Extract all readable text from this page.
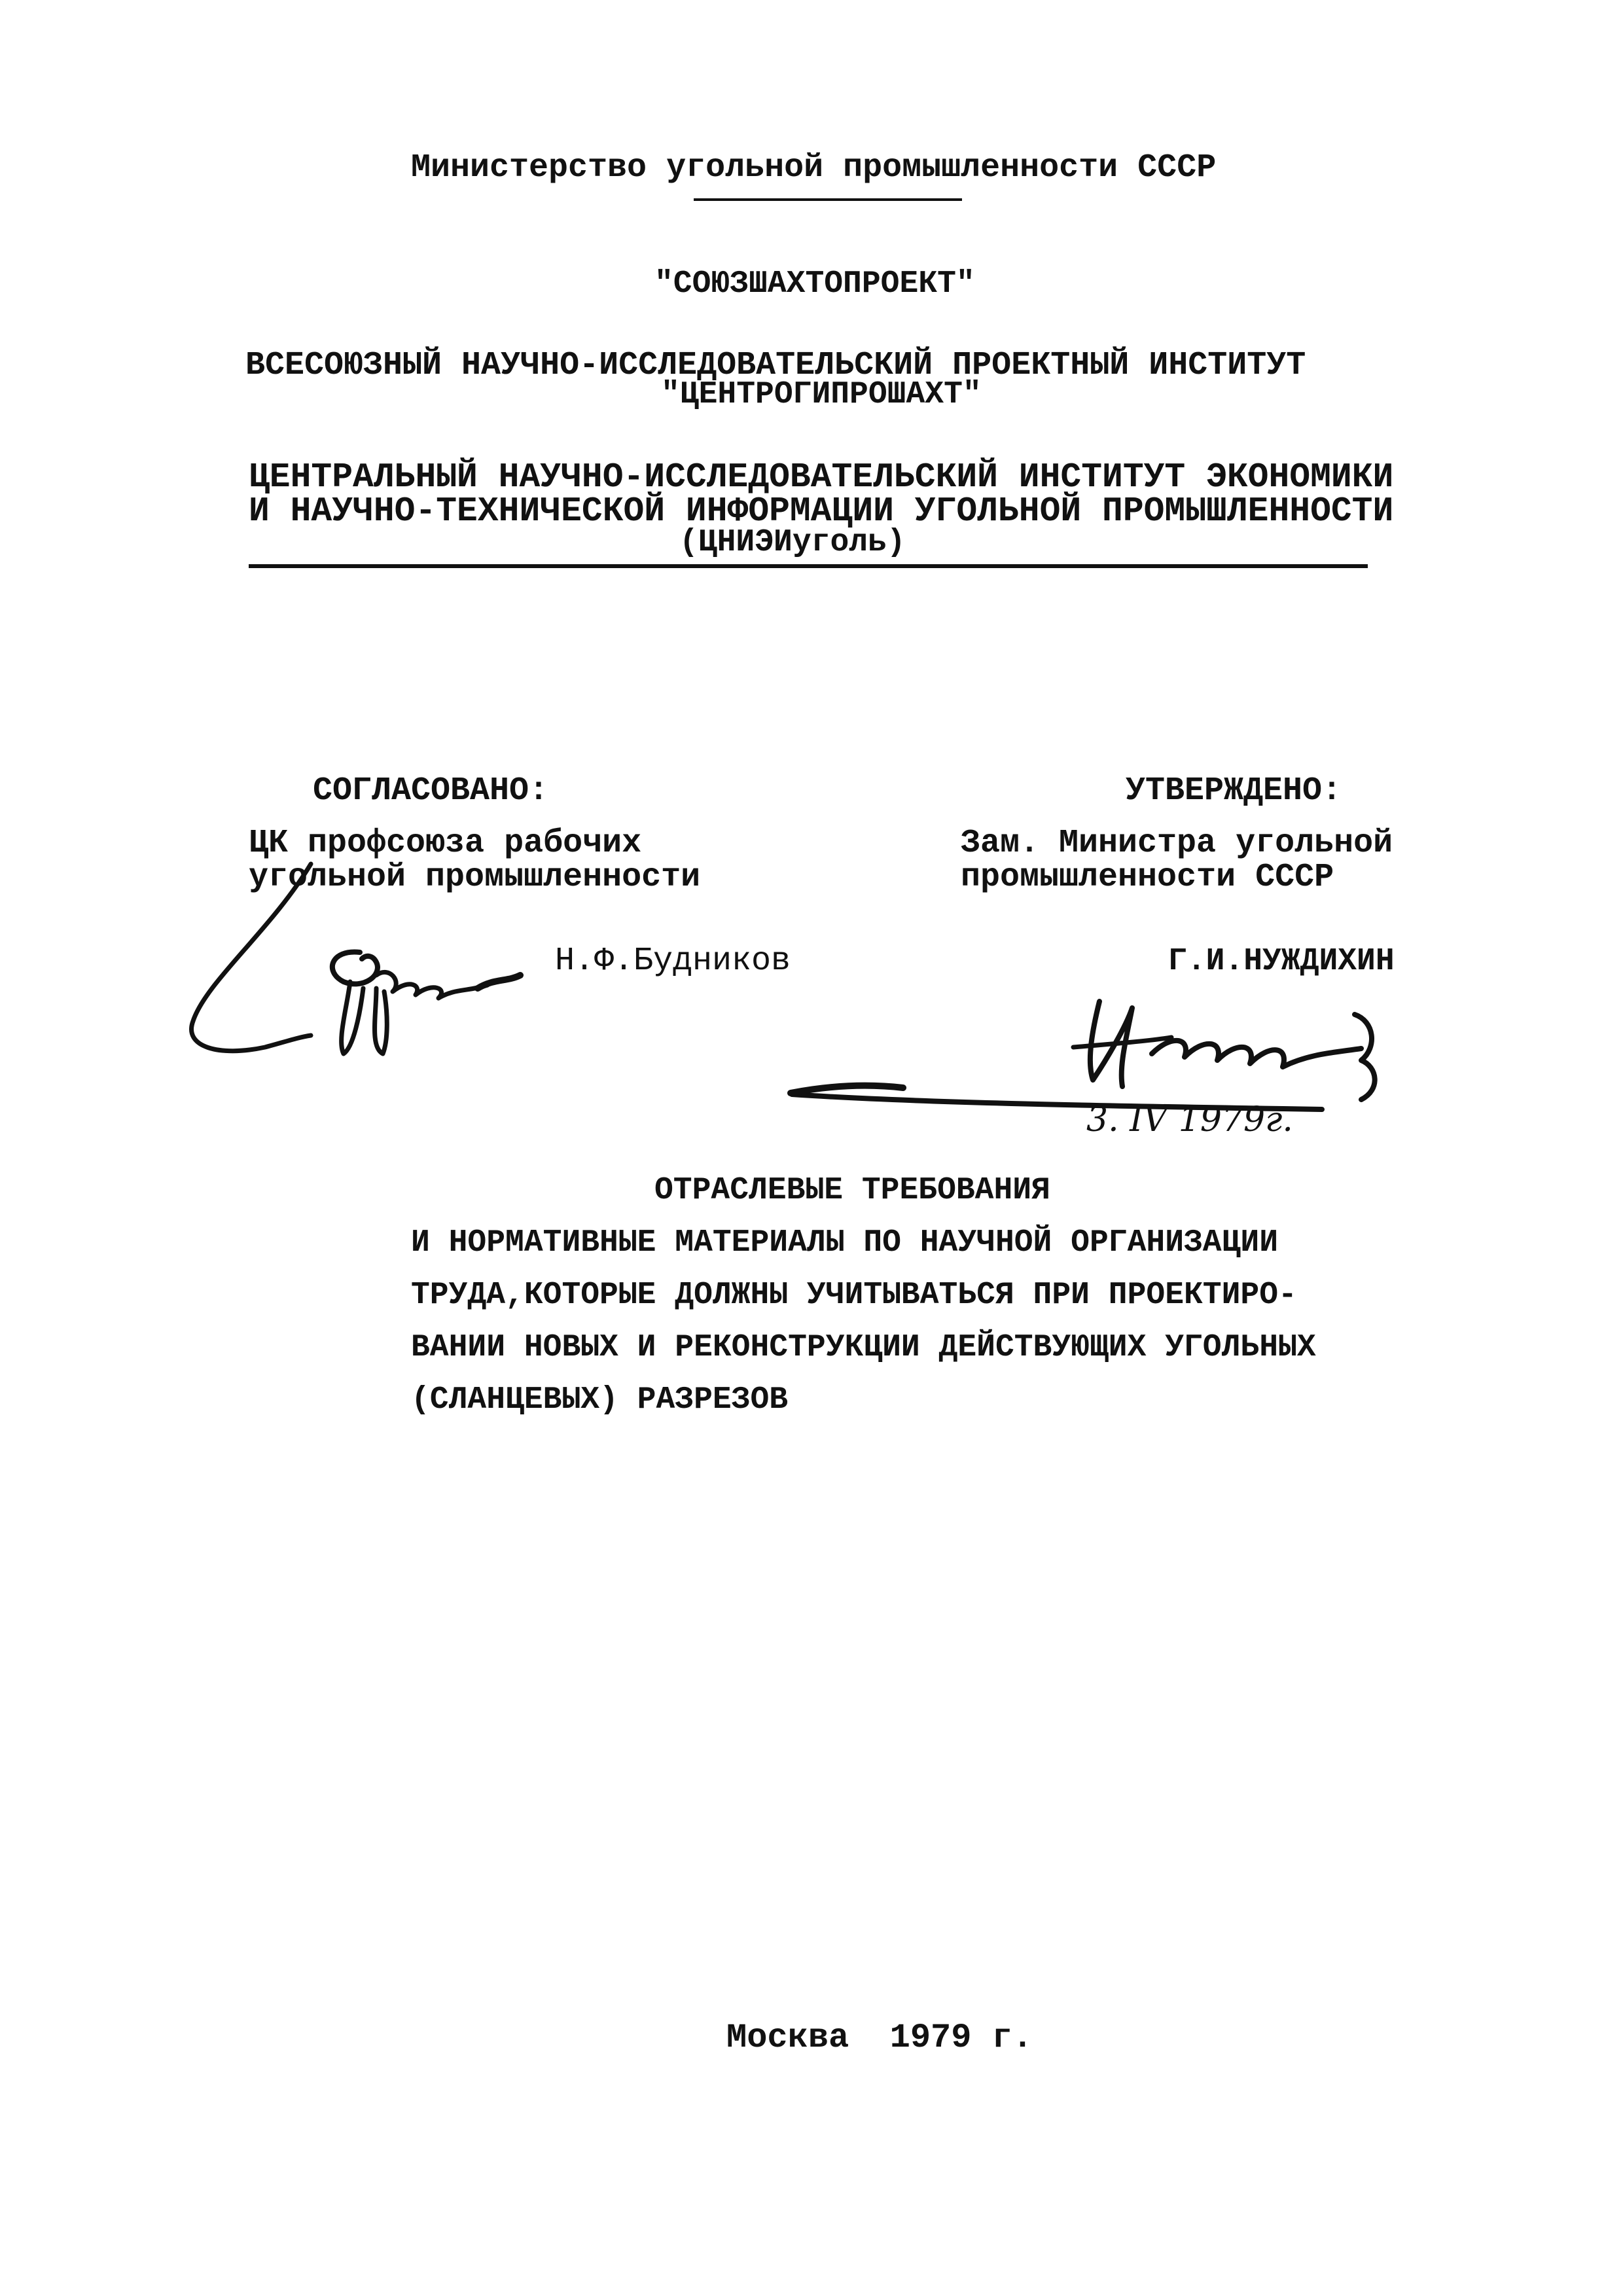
Министерство угольной промышленности СССР
"СОЮЗШАХТОПРОЕКТ"
ВСЕСОЮЗНЫЙ НАУЧНО-ИССЛЕДОВАТЕЛЬСКИЙ ПРОЕКТНЫЙ ИНСТИТУТ
"ЦЕНТРОГИПРОШАХТ"
ЦЕНТРАЛЬНЫЙ НАУЧНО-ИССЛЕДОВАТЕЛЬСКИЙ ИНСТИТУТ ЭКОНОМИКИ
И НАУЧНО-ТЕХНИЧЕСКОЙ ИНФОРМАЦИИ УГОЛЬНОЙ ПРОМЫШЛЕННОСТИ
(ЦНИЭИуголь)
СОГЛАСОВАНО:
ЦК профсоюза рабочих
угольной промышленности
Н.Ф.Будников
УТВЕРЖДЕНО:
Зам. Министра угольной
промышленности СССР
Г.И.НУЖДИХИН
3. IV 1979г.
ОТРАСЛЕВЫЕ ТРЕБОВАНИЯ
И НОРМАТИВНЫЕ МАТЕРИАЛЫ ПО НАУЧНОЙ ОРГАНИЗАЦИИ
ТРУДА,КОТОРЫЕ ДОЛЖНЫ УЧИТЫВАТЬСЯ ПРИ ПРОЕКТИРО-
ВАНИИ НОВЫХ И РЕКОНСТРУКЦИИ ДЕЙСТВУЮЩИХ УГОЛЬНЫХ
(СЛАНЦЕВЫХ) РАЗРЕЗОВ
Москва  1979 г.
